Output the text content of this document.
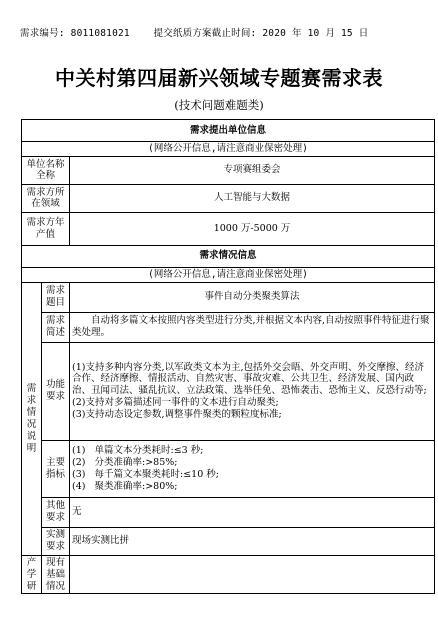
需求编号: 8011081021 提交纸质方案截止时间: 2020 年 10 月 15 日
中关村第四届新兴领域专题赛需求表
(技术问题难题类)
需求提出单位信息		
(网络公开信息,请注意商业保密处理)		
单位名称全称		专项赛组委会
需求方所在领域		人工智能与大数据
需求方年产值		1000 万-5000 万
需求情况信息		
(网络公开信息,请注意商业保密处理)		
需求情况说明	需求题目	事件自动分类聚类算法
	需求简述	自动将多篇文本按照内容类型进行分类,并根据文本内容,自动按照事件特征进行聚类处理。
	功能要求	(1)支持多种内容分类,以军政类文本为主,包括外交会晤、外交声明、外交摩擦、经济合作、经济摩擦、情报活动、自然灾害、事故灾难、公共卫生、经济发展、国内政治、丑闻司法、骚乱抗议、立法政策、选举任免、恐怖袭击、恐怖主义、反恐行动等;
(2)支持对多篇描述同一事件的文本进行自动聚类;
(3)支持动态设定参数,调整事件聚类的颗粒度标准;

	主要指标	(1)   单篇文本分类耗时:≤3 秒;
(2)   分类准确率:>85%;
(3)   每千篇文本聚类耗时:≤10 秒;
(4)   聚类准确率:>80%;

	其他要求	无
	实测要求	现场实测比拼
产学研	现有基础情况	
